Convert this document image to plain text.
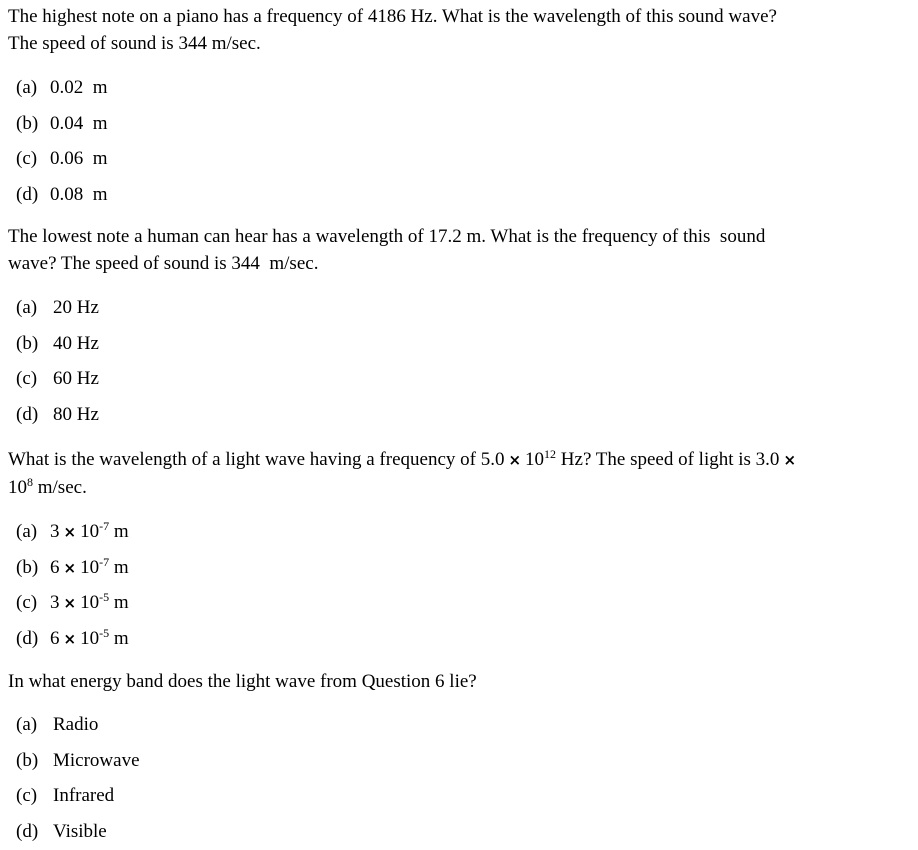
The highest note on a piano has a frequency of 4186 Hz. What is the wavelength of this sound wave?
The speed of sound is 344 m/sec.

(a) 0.02  m
(b) 0.04  m
(c) 0.06  m
(d) 0.08  m

The lowest note a human can hear has a wavelength of 17.2 m. What is the frequency of this  sound
wave? The speed of sound is 344  m/sec.

(a) 20 Hz
(b) 40 Hz
(c) 60 Hz
(d) 80 Hz

What is the wavelength of a light wave having a frequency of $5.0 \times 10^{12}$ Hz? The speed of light is 3.0 ×
$10^8$ m/sec.

(a) $3 \times 10^{-7}$ m
(b) $6 \times 10^{-7}$ m
(c) $3 \times 10^{-5}$ m
(d) $6 \times 10^{-5}$ m

In what energy band does the light wave from Question 6 lie?

(a) Radio
(b) Microwave
(c) Infrared
(d) Visible
